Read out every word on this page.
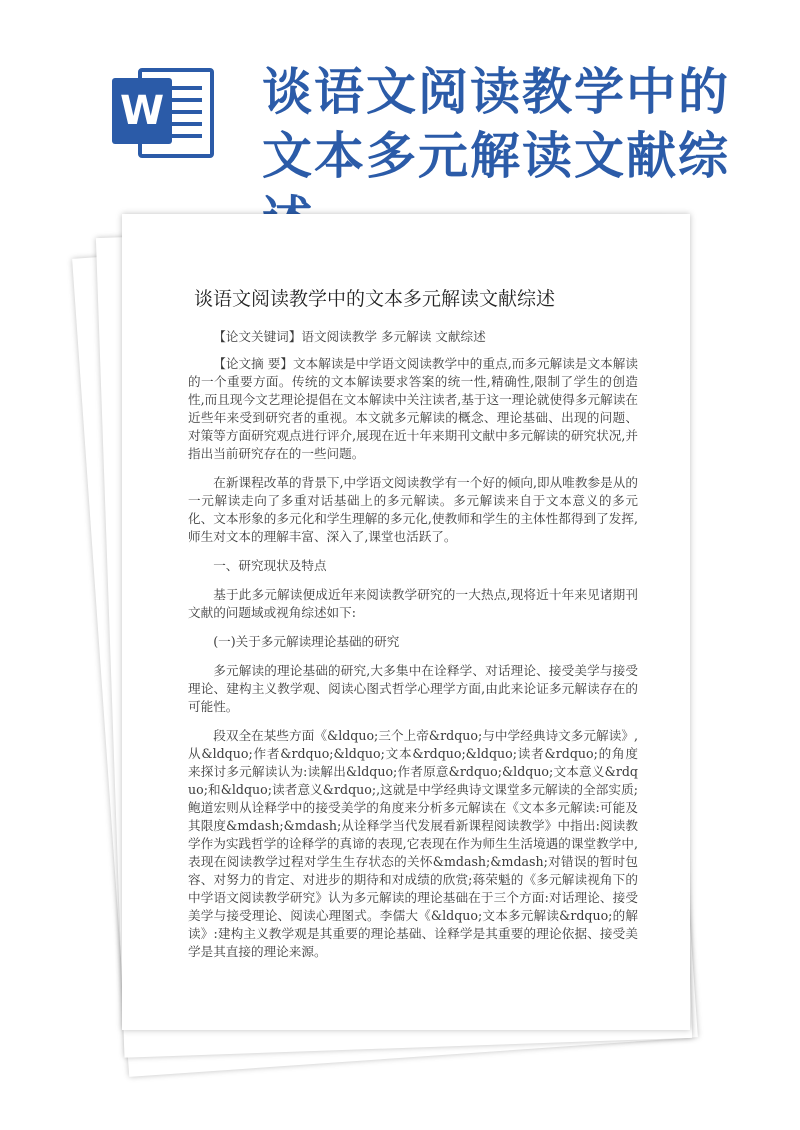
W 谈语文阅读教学中的文本多元解读文献综
谈语文阅读教学中的文本多元解读文献综述

【论文关键词】语文阅读教学 多元解读 文献综述

【论文摘 要】文本解读是中学语文阅读教学中的重点,而多元解读是文本解读的一个重要方面。传统的文本解读要求答案的统一性,精确性,限制了学生的创造性,而且现今文艺理论提倡在文本解读中关注读者,基于这一理论就使得多元解读在近些年来受到研究者的重视。本文就多元解读的概念、理论基础、出现的问题、对策等方面研究观点进行评介,展现在近十年来期刊文献中多元解读的研究状况,并指出当前研究存在的一些问题。

在新课程改革的背景下,中学语文阅读教学有一个好的倾向,即从唯教参是从的一元解读走向了多重对话基础上的多元解读。多元解读来自于文本意义的多元化、文本形象的多元化和学生理解的多元化,使教师和学生的主体性都得到了发挥,师生对文本的理解丰富、深入了,课堂也活跃了。

一、研究现状及特点

基于此多元解读便成近年来阅读教学研究的一大热点,现将近十年来见诸期刊文献的问题域或视角综述如下:

(一)关于多元解读理论基础的研究

多元解读的理论基础的研究,大多集中在诠释学、对话理论、接受美学与接受理论、建构主义教学观、阅读心图式哲学心理学方面,由此来论证多元解读存在的可能性。

段双全在某些方面《&ldquo;三个上帝&rdquo;与中学经典诗文多元解读》,从&ldquo;作者&rdquo;&ldquo;文本&rdquo;&ldquo;读者&rdquo;的角度来探讨多元解读认为:读解出&ldquo;作者原意&rdquo;&ldquo;文本意义&rdquo;和&ldquo;读者意义&rdquo;,这就是中学经典诗文课堂多元解读的全部实质;鲍道宏则从诠释学中的接受美学的角度来分析多元解读在《文本多元解读:可能及其限度&mdash;&mdash;从诠释学当代发展看新课程阅读教学》中指出:阅读教学作为实践哲学的诠释学的真谛的表现,它表现在作为师生生活境遇的课堂教学中,表现在阅读教学过程对学生生存状态的关怀&mdash;&mdash;对错误的暂时包容、对努力的肯定、对进步的期待和对成绩的欣赏;蒋荣魁的《多元解读视角下的中学语文阅读教学研究》认为多元解读的理论基础在于三个方面:对话理论、接受美学与接受理论、阅读心理图式。李儒大《&ldquo;文本多元解读&rdquo;的解读》:建构主义教学观是其重要的理论基础、诠释学是其重要的理论依据、接受美学是其直接的理论来源。
